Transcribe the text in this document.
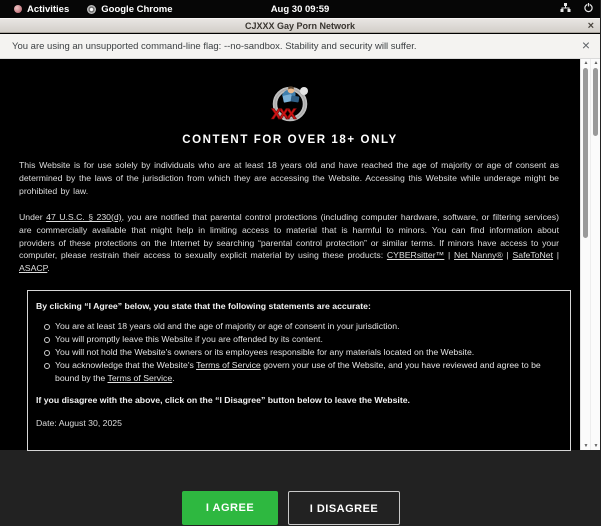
Activities	Google Chrome	Aug 30 09:59
CJXXX Gay Porn Network	×
You are using an unsupported command-line flag: --no-sandbox. Stability and security will suffer.	×
xxx
CONTENT FOR OVER 18+ ONLY

This Website is for use solely by individuals who are at least 18 years old and have reached the age of majority or age of consent as determined by the laws of the jurisdiction from which they are accessing the Website. Accessing this Website while underage might be prohibited by law.

Under 47 U.S.C. § 230(d), you are notified that parental control protections (including computer hardware, software, or filtering services) are commercially available that might help in limiting access to material that is harmful to minors. You can find information about providers of these protections on the Internet by searching “parental control protection” or similar terms. If minors have access to your computer, please restrain their access to sexually explicit material by using these products: CYBERsitter™ | Net Nanny® | SafeToNet | ASACP.

By clicking “I Agree” below, you state that the following statements are accurate:
You are at least 18 years old and the age of majority or age of consent in your jurisdiction.
You will promptly leave this Website if you are offended by its content.
You will not hold the Website's owners or its employees responsible for any materials located on the Website.
You acknowledge that the Website's Terms of Service govern your use of the Website, and you have reviewed and agree to be bound by the Terms of Service.
If you disagree with the above, click on the “I Disagree” button below to leave the Website.
Date: August 30, 2025
I AGREE	I DISAGREE
▲
▼
▲
▼
